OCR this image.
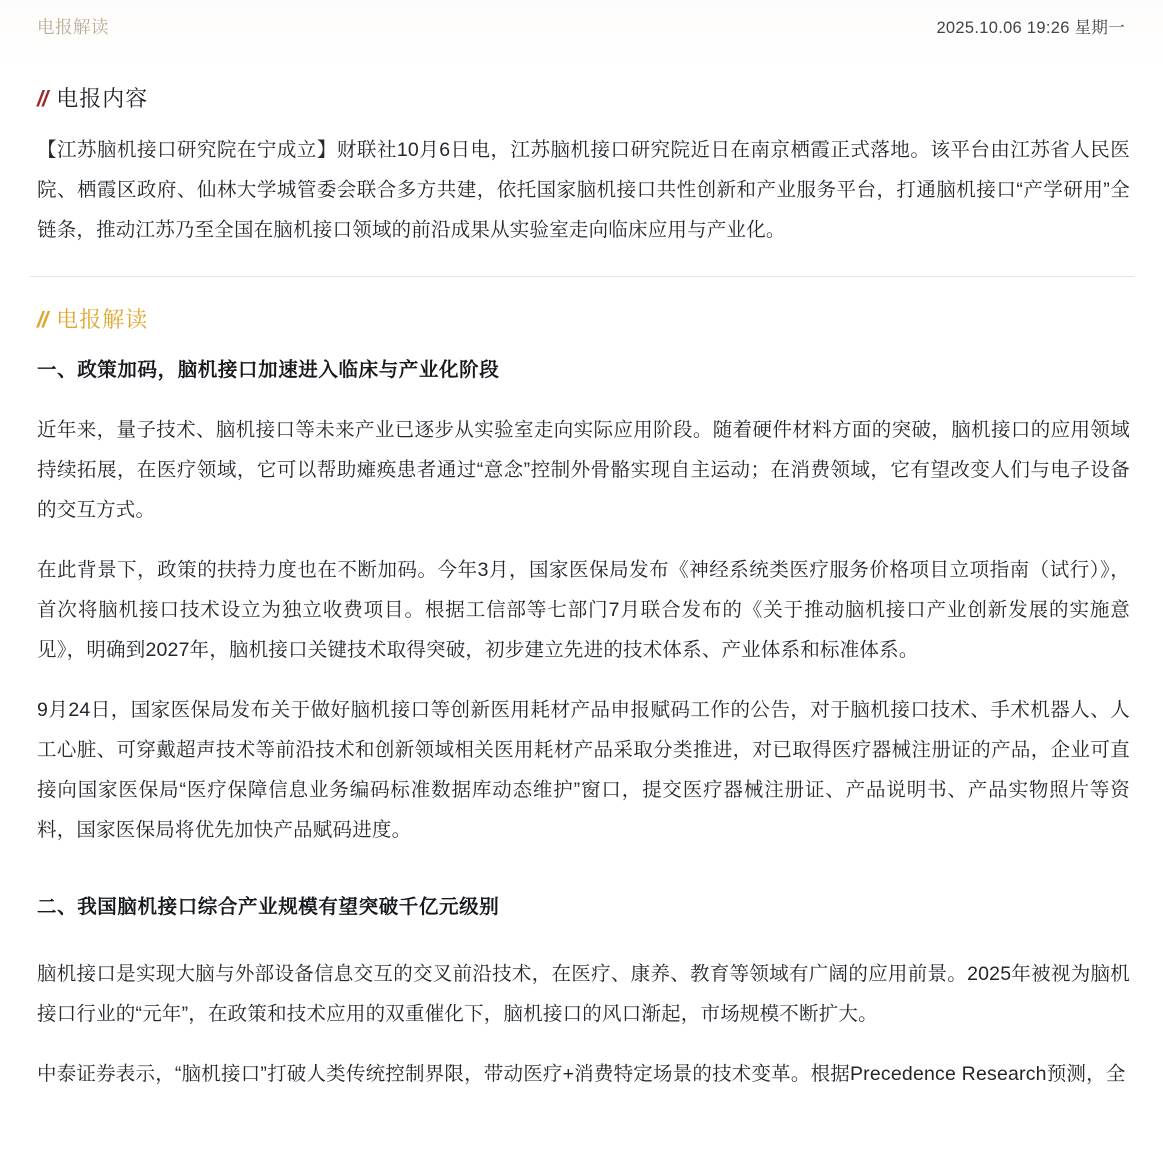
电报解读	2025.10.06 19:26 星期一
// 电报内容

【江苏脑机接口研究院在宁成立】财联社10月6日电，江苏脑机接口研究院近日在南京栖霞正式落地。该平台由江苏省人民医院、栖霞区政府、仙林大学城管委会联合多方共建，依托国家脑机接口共性创新和产业服务平台，打通脑机接口“产学研用”全链条，推动江苏乃至全国在脑机接口领域的前沿成果从实验室走向临床应用与产业化。

// 电报解读
一、政策加码，脑机接口加速进入临床与产业化阶段

近年来，量子技术、脑机接口等未来产业已逐步从实验室走向实际应用阶段。随着硬件材料方面的突破，脑机接口的应用领域持续拓展，在医疗领域，它可以帮助瘫痪患者通过“意念”控制外骨骼实现自主运动；在消费领域，它有望改变人们与电子设备的交互方式。

在此背景下，政策的扶持力度也在不断加码。今年3月，国家医保局发布《神经系统类医疗服务价格项目立项指南（试行）》，首次将脑机接口技术设立为独立收费项目。根据工信部等七部门7月联合发布的《关于推动脑机接口产业创新发展的实施意见》，明确到2027年，脑机接口关键技术取得突破，初步建立先进的技术体系、产业体系和标准体系。

9月24日，国家医保局发布关于做好脑机接口等创新医用耗材产品申报赋码工作的公告，对于脑机接口技术、手术机器人、人工心脏、可穿戴超声技术等前沿技术和创新领域相关医用耗材产品采取分类推进，对已取得医疗器械注册证的产品，企业可直接向国家医保局“医疗保障信息业务编码标准数据库动态维护”窗口，提交医疗器械注册证、产品说明书、产品实物照片等资料，国家医保局将优先加快产品赋码进度。

二、我国脑机接口综合产业规模有望突破千亿元级别

脑机接口是实现大脑与外部设备信息交互的交叉前沿技术，在医疗、康养、教育等领域有广阔的应用前景。2025年被视为脑机接口行业的“元年”，在政策和技术应用的双重催化下，脑机接口的风口渐起，市场规模不断扩大。

中泰证券表示，“脑机接口”打破人类传统控制界限，带动医疗+消费特定场景的技术变革。根据Precedence Research预测，全
